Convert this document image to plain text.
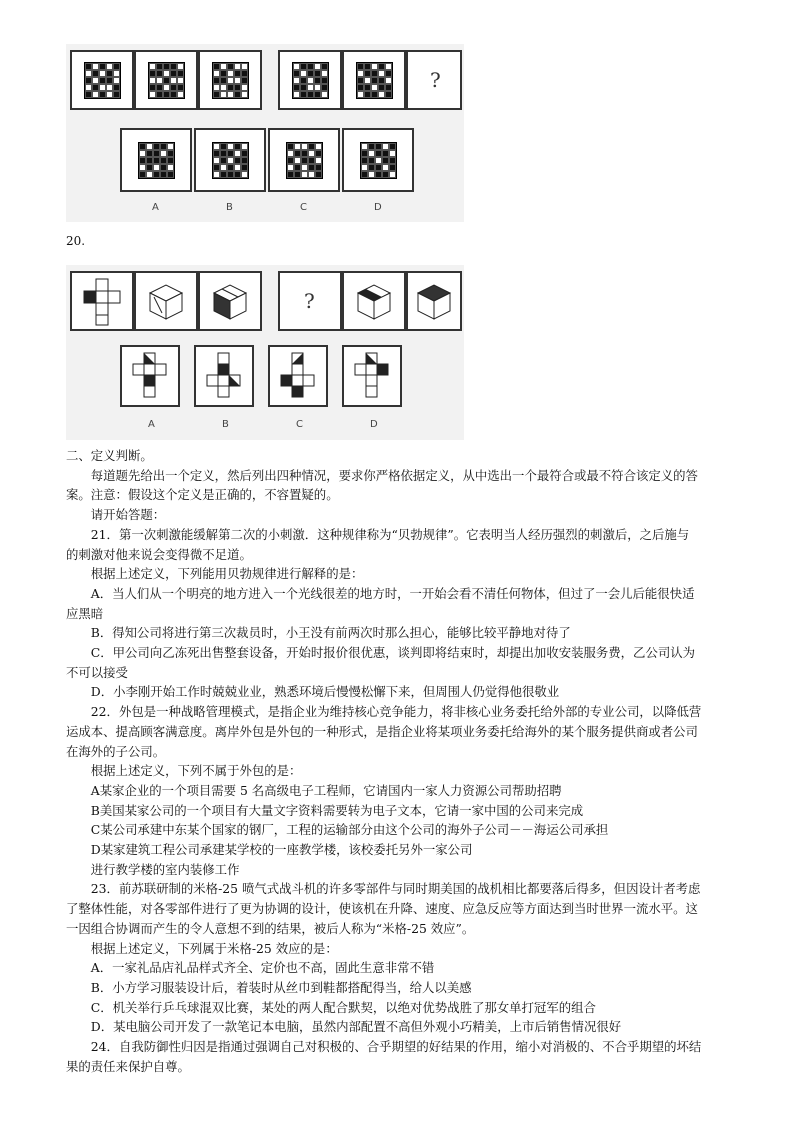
?
A	B	C	D
20.
?
A	B	C	D
二、定义判断。
　　每道题先给出一个定义，然后列出四种情况，要求你严格依据定义，从中选出一个最符合或最不符合该定义的答
案。注意：假设这个定义是正确的，不容置疑的。
　　请开始答题：
　　21．第一次刺激能缓解第二次的小刺激．这种规律称为“贝勃规律”。它表明当人经历强烈的刺激后，之后施与
的刺激对他来说会变得微不足道。
　　根据上述定义，下列能用贝勃规律进行解释的是：
　　A．当人们从一个明亮的地方进入一个光线很差的地方时，一开始会看不清任何物体，但过了一会儿后能很快适
应黑暗
　　B．得知公司将进行第三次裁员时，小王没有前两次时那么担心，能够比较平静地对待了
　　C．甲公司向乙冻死出售整套设备，开始时报价很优惠，谈判即将结束时，却提出加收安装服务费，乙公司认为
不可以接受
　　D．小李刚开始工作时兢兢业业，熟悉环境后慢慢松懈下来，但周围人仍觉得他很敬业
　　22．外包是一种战略管理模式，是指企业为维持核心竞争能力，将非核心业务委托给外部的专业公司，以降低营
运成本、提高顾客满意度。离岸外包是外包的一种形式，是指企业将某项业务委托给海外的某个服务提供商或者公司
在海外的子公司。
　　根据上述定义，下列不属于外包的是：
　　A某家企业的一个项目需要 5 名高级电子工程师，它请国内一家人力资源公司帮助招聘
　　B美国某家公司的一个项目有大量文字资料需要转为电子文本，它请一家中国的公司来完成
　　C某公司承建中东某个国家的钢厂，工程的运输部分由这个公司的海外子公司－－海运公司承担
　　D某家建筑工程公司承建某学校的一座教学楼，该校委托另外一家公司
　　进行教学楼的室内装修工作
　　23．前苏联研制的米格-25 喷气式战斗机的许多零部件与同时期美国的战机相比都要落后得多，但因设计者考虑
了整体性能，对各零部件进行了更为协调的设计，使该机在升降、速度、应急反应等方面达到当时世界一流水平。这
一因组合协调而产生的令人意想不到的结果，被后人称为“米格-25 效应”。
　　根据上述定义，下列属于米格-25 效应的是：
　　A．一家礼品店礼品样式齐全、定价也不高，固此生意非常不错
　　B．小方学习服装设计后，着装时从丝巾到鞋都搭配得当，给人以美感
　　C．机关举行乒乓球混双比赛，某处的两人配合默契，以绝对优势战胜了那女单打冠军的组合
　　D．某电脑公司开发了一款笔记本电脑，虽然内部配置不高但外观小巧精美，上市后销售情况很好
　　24．自我防御性归因是指通过强调自己对积极的、合乎期望的好结果的作用，缩小对消极的、不合乎期望的坏结
果的责任来保护自尊。
